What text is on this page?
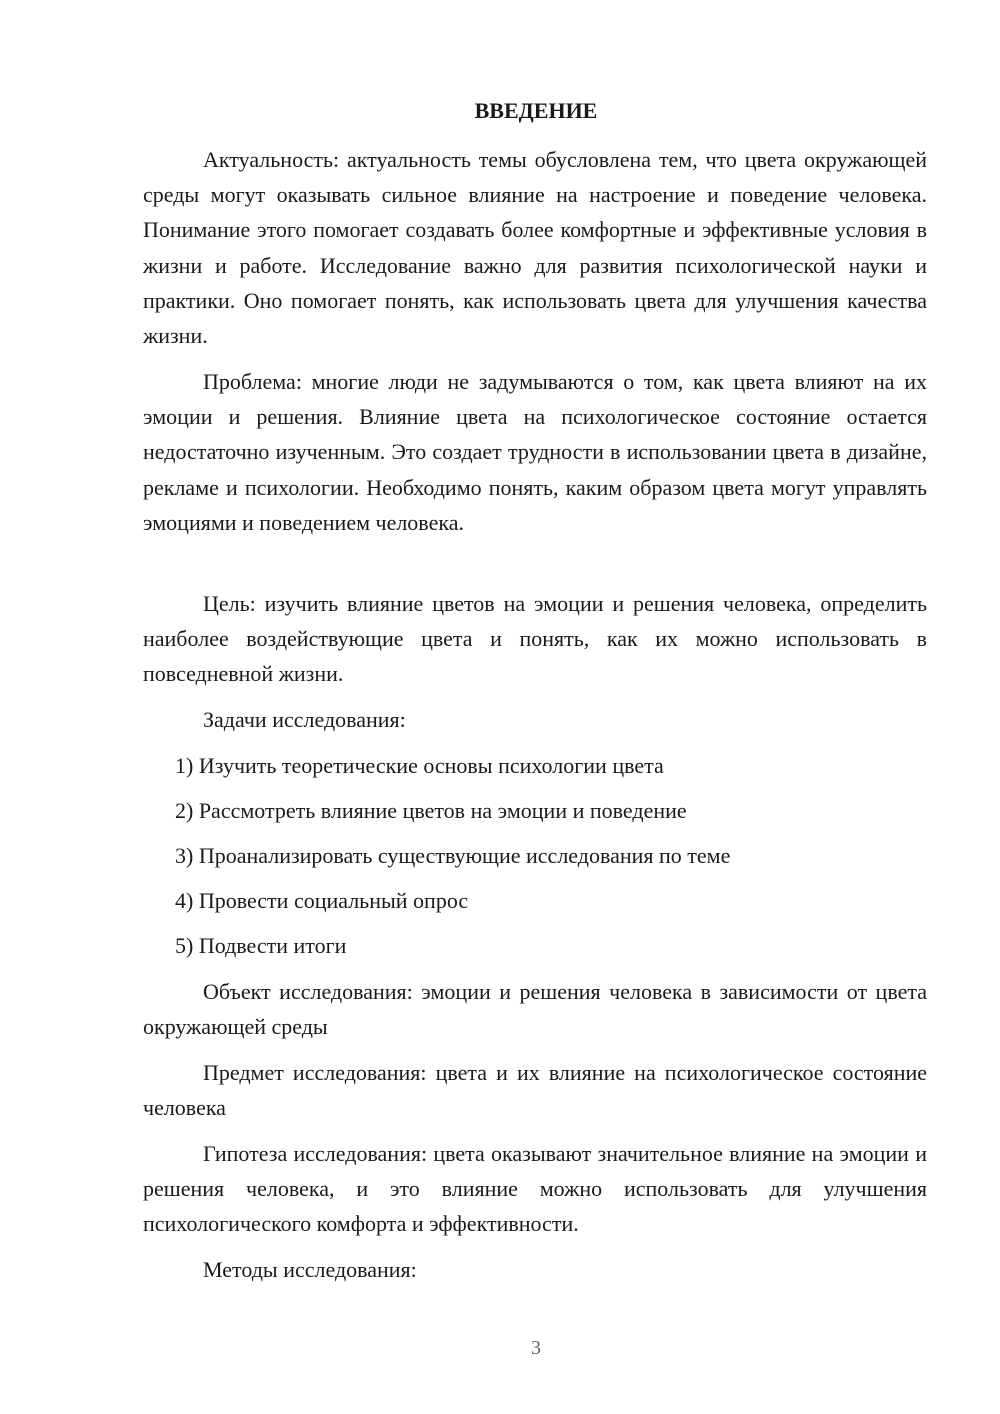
ВВЕДЕНИЕ

Актуальность: актуальность темы обусловлена тем, что цвета окружающей среды могут оказывать сильное влияние на настроение и поведение человека. Понимание этого помогает создавать более комфортные и эффективные условия в жизни и работе. Исследование важно для развития психологической науки и практики. Оно помогает понять, как использовать цвета для улучшения качества жизни.

Проблема: многие люди не задумываются о том, как цвета влияют на их эмоции и решения. Влияние цвета на психологическое состояние остается недостаточно изученным. Это создает трудности в использовании цвета в дизайне, рекламе и психологии. Необходимо понять, каким образом цвета могут управлять эмоциями и поведением человека.

Цель: изучить влияние цветов на эмоции и решения человека, определить наиболее воздействующие цвета и понять, как их можно использовать в повседневной жизни.

Задачи исследования:

1) Изучить теоретические основы психологии цвета

2) Рассмотреть влияние цветов на эмоции и поведение

3) Проанализировать существующие исследования по теме

4) Провести социальный опрос

5) Подвести итоги

Объект исследования: эмоции и решения человека в зависимости от цвета окружающей среды

Предмет исследования: цвета и их влияние на психологическое состояние человека

Гипотеза исследования: цвета оказывают значительное влияние на эмоции и решения человека, и это влияние можно использовать для улучшения психологического комфорта и эффективности.

Методы исследования:

3
